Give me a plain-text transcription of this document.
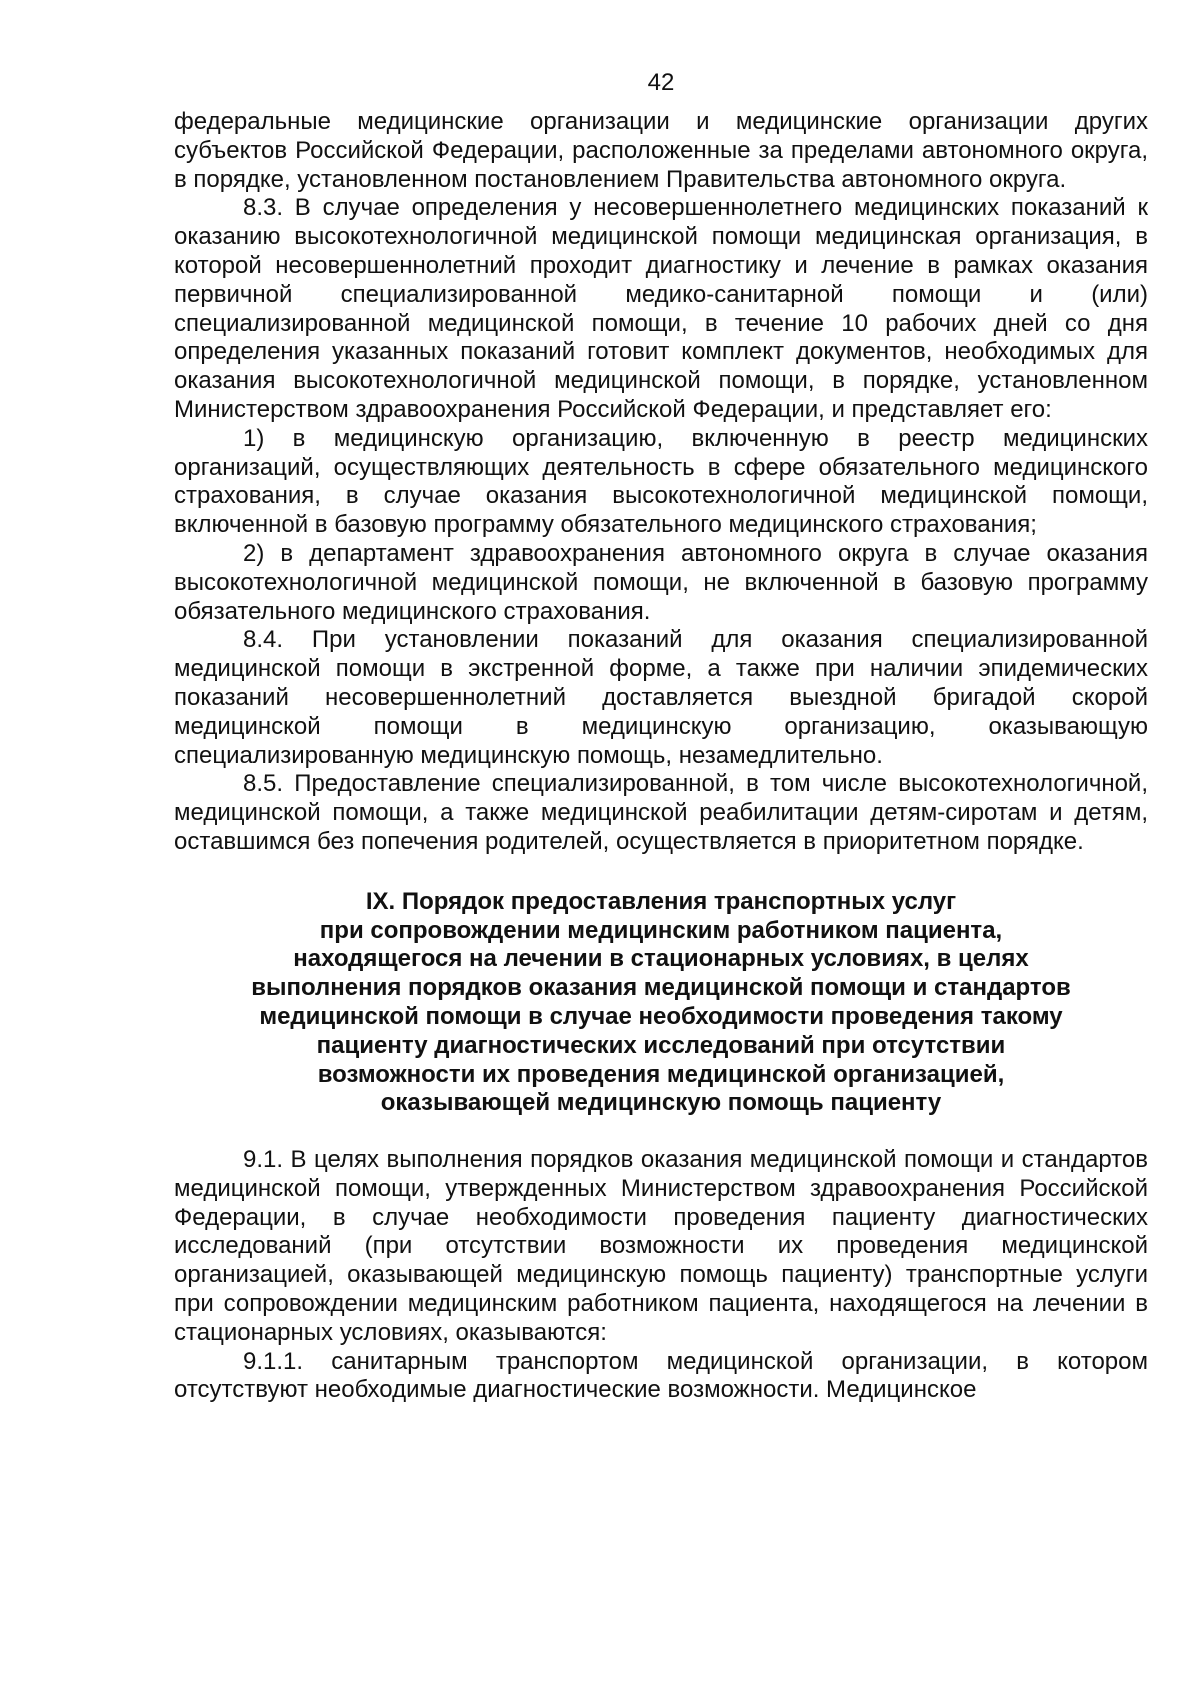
42

федеральные медицинские организации и медицинские организации других субъектов Российской Федерации, расположенные за пределами автономного округа, в порядке, установленном постановлением Правительства автономного округа.

8.3. В случае определения у несовершеннолетнего медицинских показаний к оказанию высокотехнологичной медицинской помощи медицинская организация, в которой несовершеннолетний проходит диагностику и лечение в рамках оказания первичной специализированной медико-санитарной помощи и (или) специализированной медицинской помощи, в течение 10 рабочих дней со дня определения указанных показаний готовит комплект документов, необходимых для оказания высокотехнологичной медицинской помощи, в порядке, установленном Министерством здравоохранения Российской Федерации, и представляет его:

1) в медицинскую организацию, включенную в реестр медицинских организаций, осуществляющих деятельность в сфере обязательного медицинского страхования, в случае оказания высокотехнологичной медицинской помощи, включенной в базовую программу обязательного медицинского страхования;

2) в департамент здравоохранения автономного округа в случае оказания высокотехнологичной медицинской помощи, не включенной в базовую программу обязательного медицинского страхования.

8.4. При установлении показаний для оказания специализированной медицинской помощи в экстренной форме, а также при наличии эпидемических показаний несовершеннолетний доставляется выездной бригадой скорой медицинской помощи в медицинскую организацию, оказывающую специализированную медицинскую помощь, незамедлительно.

8.5. Предоставление специализированной, в том числе высокотехнологичной, медицинской помощи, а также медицинской реабилитации детям-сиротам и детям, оставшимся без попечения родителей, осуществляется в приоритетном порядке.

IX. Порядок предоставления транспортных услуг
при сопровождении медицинским работником пациента,
находящегося на лечении в стационарных условиях, в целях
выполнения порядков оказания медицинской помощи и стандартов
медицинской помощи в случае необходимости проведения такому
пациенту диагностических исследований при отсутствии
возможности их проведения медицинской организацией,
оказывающей медицинскую помощь пациенту

9.1. В целях выполнения порядков оказания медицинской помощи и стандартов медицинской помощи, утвержденных Министерством здравоохранения Российской Федерации, в случае необходимости проведения пациенту диагностических исследований (при отсутствии возможности их проведения медицинской организацией, оказывающей медицинскую помощь пациенту) транспортные услуги при сопровождении медицинским работником пациента, находящегося на лечении в стационарных условиях, оказываются:

9.1.1. санитарным транспортом медицинской организации, в котором отсутствуют необходимые диагностические возможности. Медицинское
